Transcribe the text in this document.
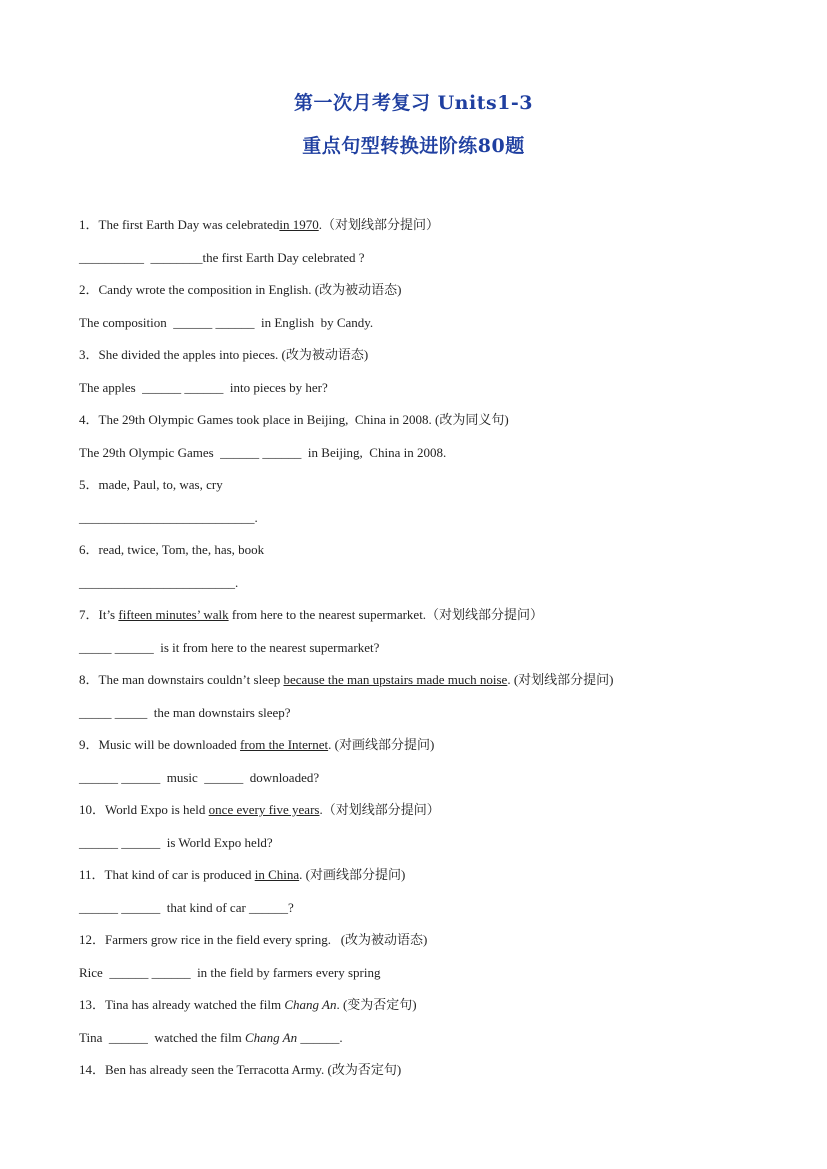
第一次月考复习 Units1-3
重点句型转换进阶练80题
1．The first Earth Day was celebratedin 1970.（对划线部分提问）
__________  ________the first Earth Day celebrated ?
2．Candy wrote the composition in English. (改为被动语态)
The composition  ______ ______  in English  by Candy.
3．She divided the apples into pieces. (改为被动语态)
The apples  ______ ______  into pieces by her?
4．The 29th Olympic Games took place in Beijing,  China in 2008. (改为同义句)
The 29th Olympic Games  ______ ______  in Beijing,  China in 2008.
5．made, Paul, to, was, cry
___________________________.
6．read, twice, Tom, the, has, book
________________________.
7．It’s fifteen minutes’ walk from here to the nearest supermarket.（对划线部分提问）
_____ ______  is it from here to the nearest supermarket?
8．The man downstairs couldn’t sleep because the man upstairs made much noise. (对划线部分提问)
_____ _____  the man downstairs sleep?
9．Music will be downloaded from the Internet. (对画线部分提问)
______ ______  music  ______  downloaded?
10．World Expo is held once every five years.（对划线部分提问）
______ ______  is World Expo held?
11．That kind of car is produced in China. (对画线部分提问)
______ ______  that kind of car ______?
12．Farmers grow rice in the field every spring.   (改为被动语态)
Rice  ______ ______  in the field by farmers every spring
13．Tina has already watched the film Chang An. (变为否定句)
Tina  ______  watched the film Chang An ______.
14．Ben has already seen the Terracotta Army. (改为否定句)
